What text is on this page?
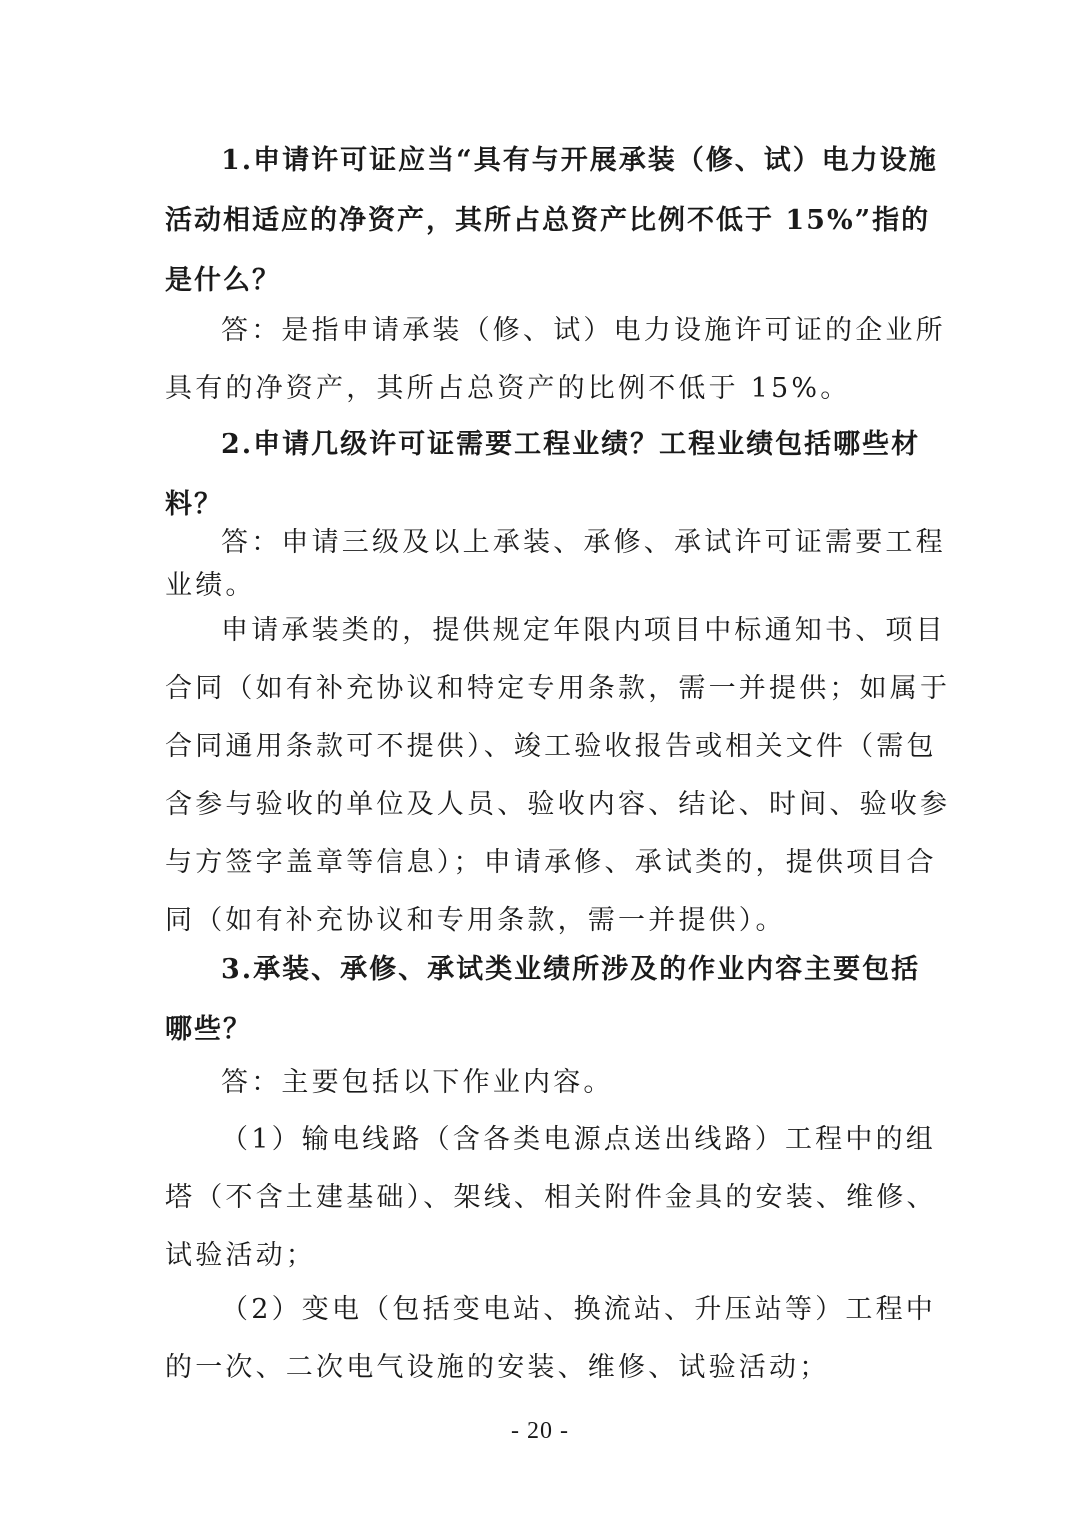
1.申请许可证应当“具有与开展承装（修、试）电力设施
活动相适应的净资产，其所占总资产比例不低于 15%”指的
是什么？
答：是指申请承装（修、试）电力设施许可证的企业所
具有的净资产，其所占总资产的比例不低于 15%。
2.申请几级许可证需要工程业绩？工程业绩包括哪些材
料？
答：申请三级及以上承装、承修、承试许可证需要工程
业绩。
申请承装类的，提供规定年限内项目中标通知书、项目
合同（如有补充协议和特定专用条款，需一并提供；如属于
合同通用条款可不提供）、竣工验收报告或相关文件（需包
含参与验收的单位及人员、验收内容、结论、时间、验收参
与方签字盖章等信息）；申请承修、承试类的，提供项目合
同（如有补充协议和专用条款，需一并提供）。
3.承装、承修、承试类业绩所涉及的作业内容主要包括
哪些？
答：主要包括以下作业内容。
（1）输电线路（含各类电源点送出线路）工程中的组
塔（不含土建基础）、架线、相关附件金具的安装、维修、
试验活动；
（2）变电（包括变电站、换流站、升压站等）工程中
的一次、二次电气设施的安装、维修、试验活动；
- 20 -
